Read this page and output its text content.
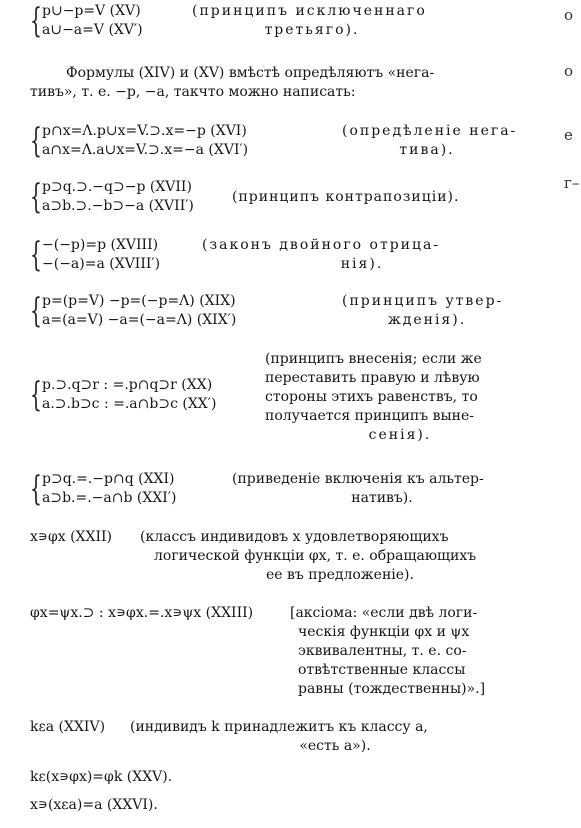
о
о
е
г–
{ p∪−p=V (XV)
a∪−a=V (XV′)
(принципъ исключеннаго
третьяго).
Формулы (XIV) и (XV) вмѣстѣ опредѣляютъ «нега-
тивъ», т. е. −p, −a, такчто можно написать:
{ p∩x=Λ.p∪x=V.⊃.x=−p (XVI)
a∩x=Λ.a∪x=V.⊃.x=−a (XVI′)
(опредѣленіе нега-
тива).
{ p⊃q.⊃.−q⊃−p (XVII)
a⊃b.⊃.−b⊃−a (XVII′)
(принципъ контрапозиціи).
{ −(−p)=p (XVIII)
−(−a)=a (XVIII′)
(законъ двойного отрица-
нія).
{ p=(p=V) −p=(−p=Λ) (XIX)
a=(a=V) −a=(−a=Λ) (XIX′)
(принципъ утвер-
жденія).
{ p.⊃.q⊃r : =.p∩q⊃r (XX)
a.⊃.b⊃c : =.a∩b⊃c (XX′)
(принципъ внесенія; если же
переставить правую и лѣвую
стороны этихъ равенствъ, то
получается принципъ выне-
сенія).
{ p⊃q.=.−p∩q (XXI)
a⊃b.=.−a∩b (XXI′)
(приведеніе включенія къ альтер-
нативъ).
x∍φx (XXII)	(классъ индивидовъ x удовлетворяющихъ
логической функціи φx, т. е. обращающихъ
ее въ предложеніе).
φx=ψx.⊃ : x∍φx.=.x∍ψx (XXIII)	[аксіома: «если двѣ логи-
ческія функціи φx и ψx
эквивалентны, т. е. со-
отвѣтственные классы
равны (тождественны)».]
kεa (XXIV)	(индивидъ k принадлежитъ къ классу a,
«есть a»).
kε(x∍φx)=φk (XXV).
x∍(xεa)=a (XXVI).
